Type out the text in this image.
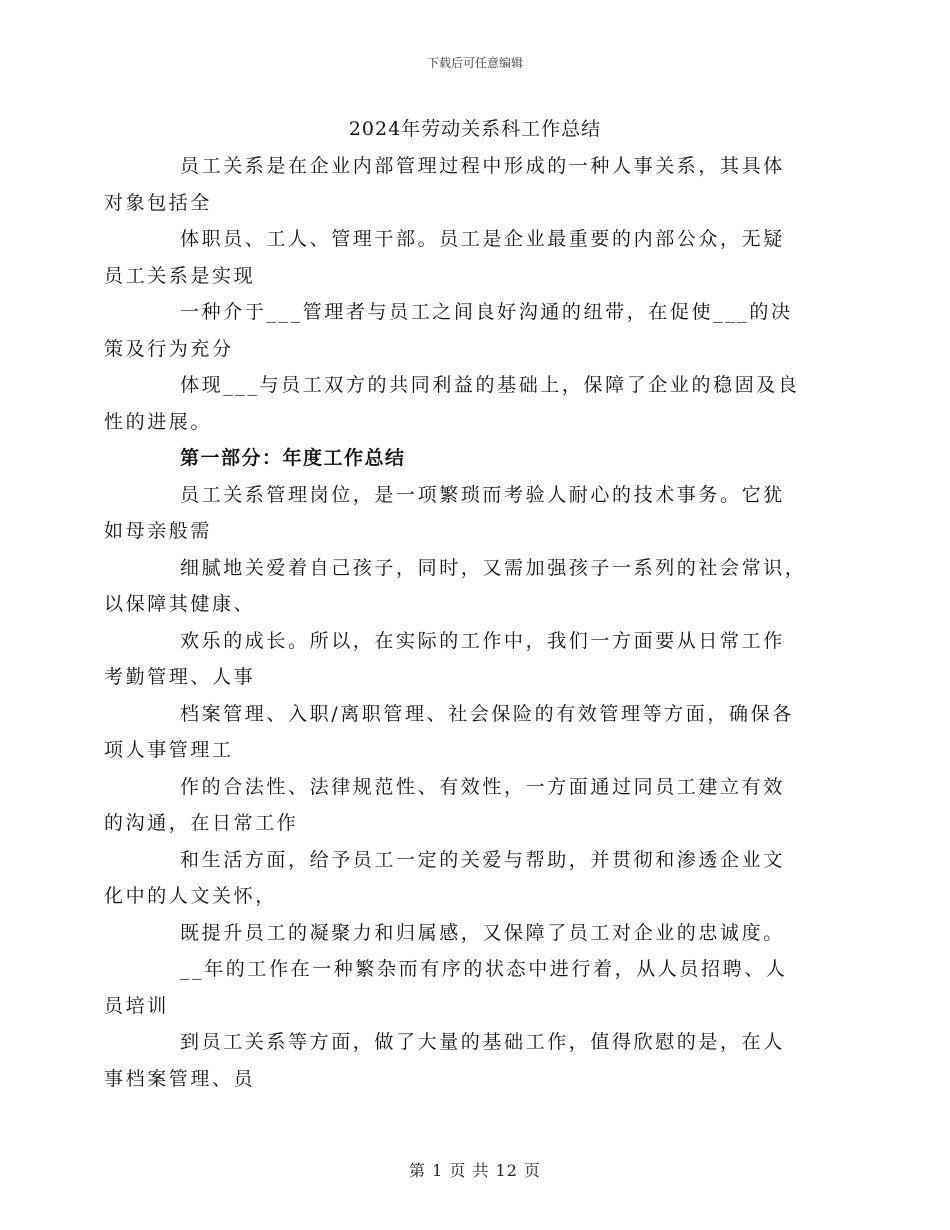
下载后可任意编辑
2024年劳动关系科工作总结

员工关系是在企业内部管理过程中形成的一种人事关系，其具体
对象包括全

体职员、工人、管理干部。员工是企业最重要的内部公众，无疑
员工关系是实现

一种介于___管理者与员工之间良好沟通的纽带，在促使___的决
策及行为充分

体现___与员工双方的共同利益的基础上，保障了企业的稳固及良
性的进展。

第一部分：年度工作总结

员工关系管理岗位，是一项繁琐而考验人耐心的技术事务。它犹
如母亲般需

细腻地关爱着自己孩子，同时，又需加强孩子一系列的社会常识，
以保障其健康、

欢乐的成长。所以，在实际的工作中，我们一方面要从日常工作
考勤管理、人事

档案管理、入职/离职管理、社会保险的有效管理等方面，确保各
项人事管理工

作的合法性、法律规范性、有效性，一方面通过同员工建立有效
的沟通，在日常工作

和生活方面，给予员工一定的关爱与帮助，并贯彻和渗透企业文
化中的人文关怀，

既提升员工的凝聚力和归属感，又保障了员工对企业的忠诚度。

__年的工作在一种繁杂而有序的状态中进行着，从人员招聘、人
员培训

到员工关系等方面，做了大量的基础工作，值得欣慰的是，在人
事档案管理、员

第 1 页 共 12 页
